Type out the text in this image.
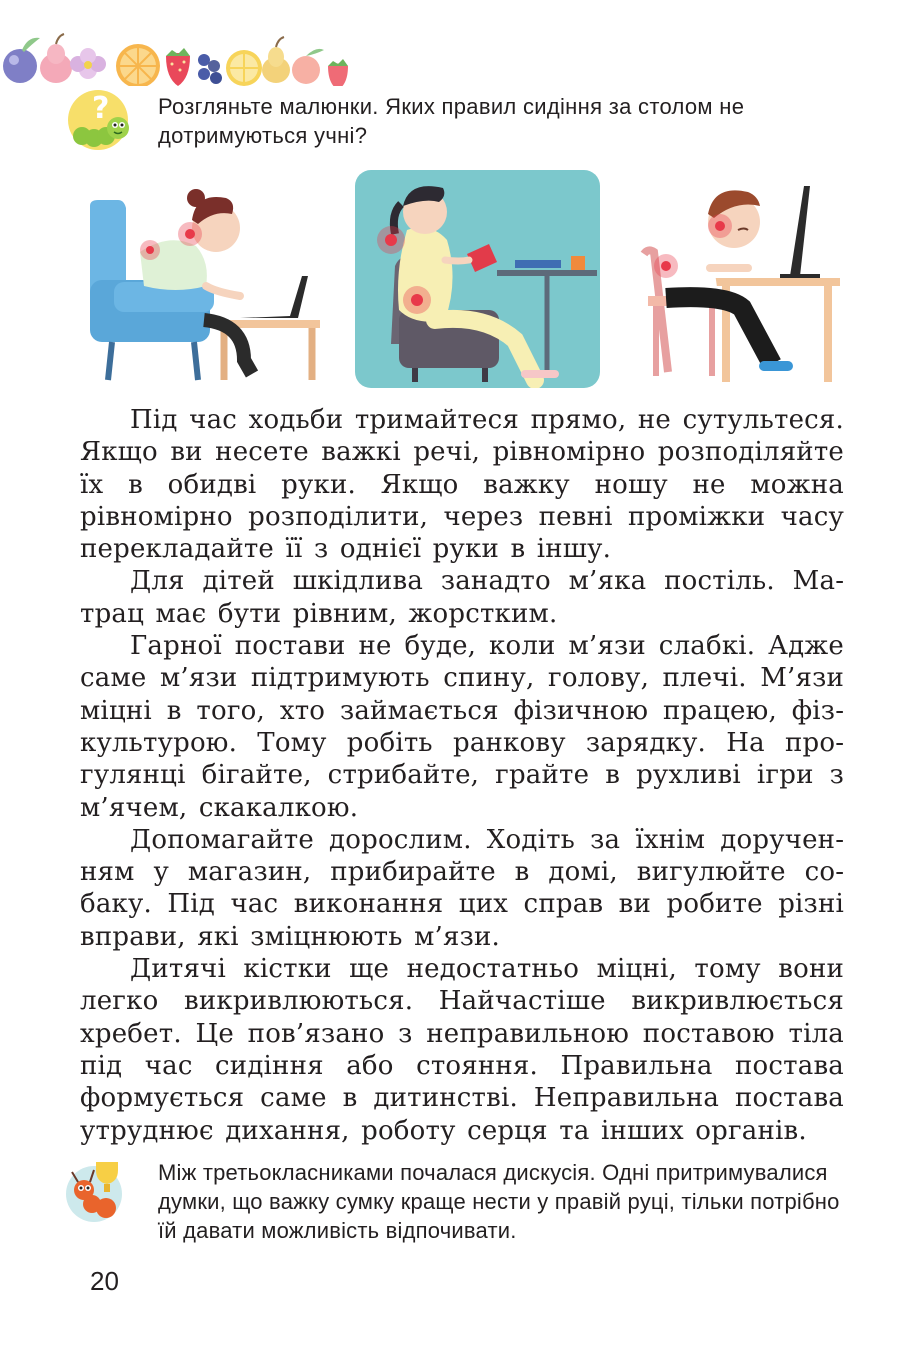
? Розгляньте малюнки. Яких правил сидіння за столом не дотримуються учні?

Під час ходьби тримайтеся прямо, не сутультеся. Якщо ви несете важкі речі, рівномірно розподіляйте їх в обидві руки. Якщо важку ношу не можна рівномірно розподілити, через певні проміжки часу перекладайте її з однієї руки в іншу.

Для дітей шкідлива занадто м’яка постіль. Матрац має бути рівним, жорстким.

Гарної постави не буде, коли м’язи слабкі. Адже саме м’язи підтримують спину, голову, плечі. М’язи міцні в того, хто займається фізичною працею, фізкультурою. Тому робіть ранкову зарядку. На прогулянці бігайте, стрибайте, грайте в рухливі ігри з м’ячем, скакалкою.

Допомагайте дорослим. Ходіть за їхнім дорученням у магазин, прибирайте в домі, вигулюйте собаку. Під час виконання цих справ ви робите різні вправи, які зміцнюють м’язи.

Дитячі кістки ще недостатньо міцні, тому вони легко викривлюються. Найчастіше викривлюється хребет. Це пов’язано з неправильною поставою тіла під час сидіння або стояння. Правильна постава формується саме в дитинстві. Неправильна постава утруднює дихання, роботу серця та інших органів.

Між третьокласниками почалася дискусія. Одні притримувалися думки, що важку сумку краще нести у правій руці, тільки потрібно їй давати можливість відпочивати.
20
